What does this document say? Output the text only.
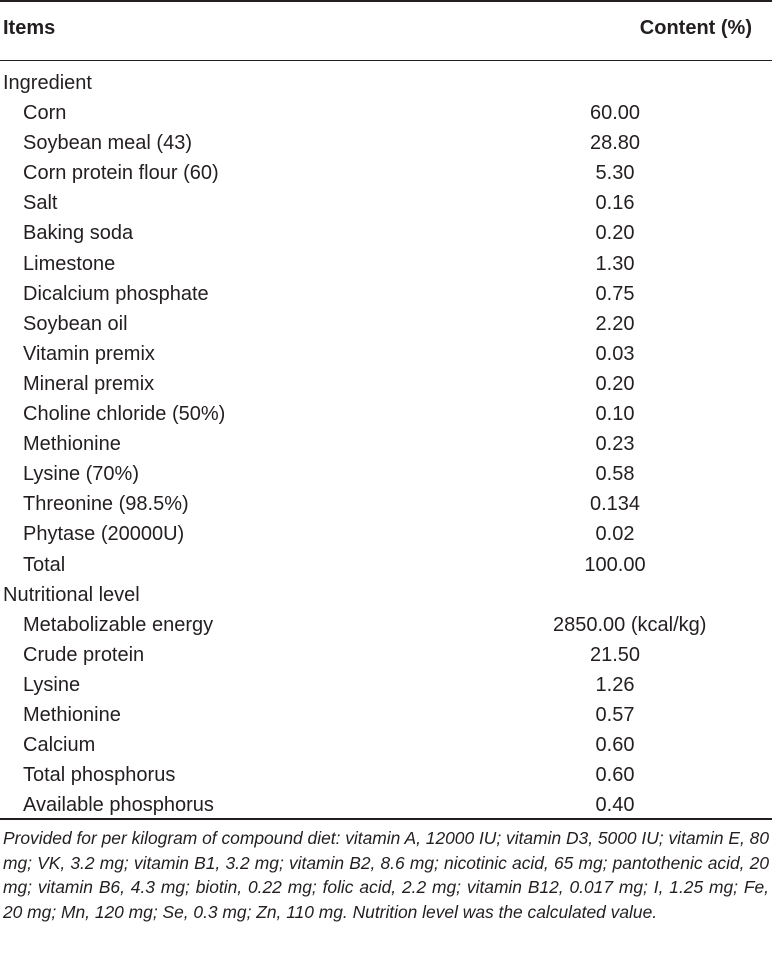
Items	Content (%)
Ingredient
Corn	60.00
Soybean meal (43)	28.80
Corn protein flour (60)	5.30
Salt	0.16
Baking soda	0.20
Limestone	1.30
Dicalcium phosphate	0.75
Soybean oil	2.20
Vitamin premix	0.03
Mineral premix	0.20
Choline chloride (50%)	0.10
Methionine	0.23
Lysine (70%)	0.58
Threonine (98.5%)	0.134
Phytase (20000U)	0.02
Total	100.00
Nutritional level
Metabolizable energy	2850.00 (kcal/kg)
Crude protein	21.50
Lysine	1.26
Methionine	0.57
Calcium	0.60
Total phosphorus	0.60
Available phosphorus	0.40

Provided for per kilogram of compound diet: vitamin A, 12000 IU; vitamin D3, 5000 IU; vitamin E, 80 mg; VK, 3.2 mg; vitamin B1, 3.2 mg; vitamin B2, 8.6 mg; nicotinic acid, 65 mg; pantothenic acid, 20 mg; vitamin B6, 4.3 mg; biotin, 0.22 mg; folic acid, 2.2 mg; vitamin B12, 0.017 mg; I, 1.25 mg; Fe, 20 mg; Mn, 120 mg; Se, 0.3 mg; Zn, 110 mg. Nutrition level was the calculated value.
